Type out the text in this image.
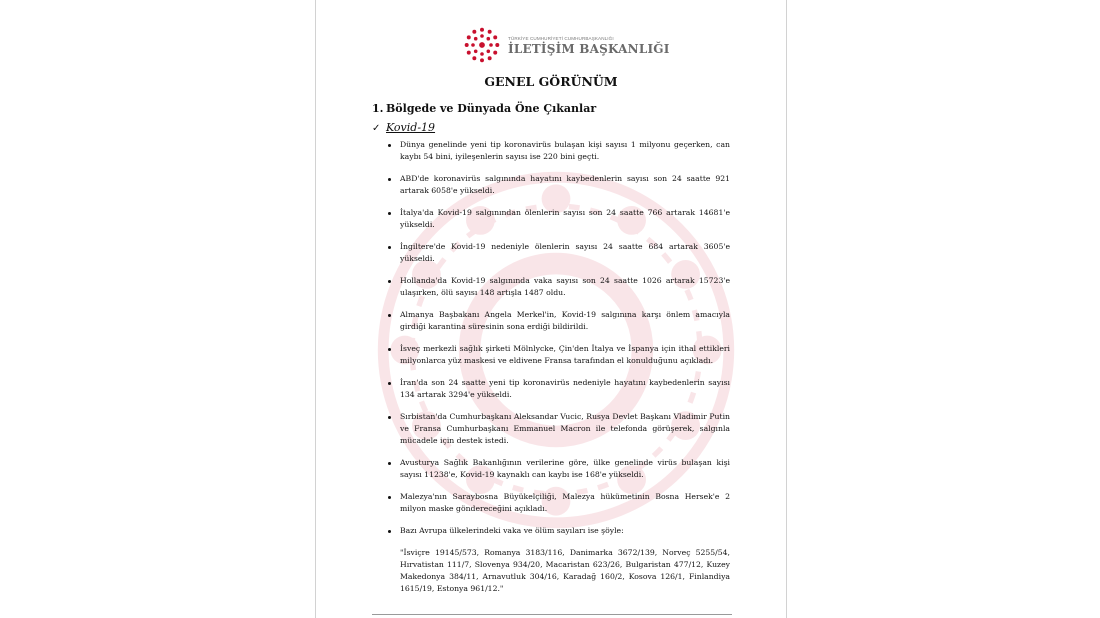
TÜRKİYE CUMHURİYETİ CUMHURBAŞKANLIĞI
İLETİŞİM BAŞKANLIĞI
GENEL GÖRÜNÜM
1. Bölgede ve Dünyada Öne Çıkanlar
✓ Kovid-19
Dünya genelinde yeni tip koronavirüs bulaşan kişi sayısı 1 milyonu geçerken, can kaybı 54 bini, iyileşenlerin sayısı ise 220 bini geçti.
ABD'de koronavirüs salgınında hayatını kaybedenlerin sayısı son 24 saatte 921 artarak 6058'e yükseldi.
İtalya'da Kovid-19 salgınından ölenlerin sayısı son 24 saatte 766 artarak 14681'e yükseldi.
İngiltere'de Kovid-19 nedeniyle ölenlerin sayısı 24 saatte 684 artarak 3605'e yükseldi.
Hollanda'da Kovid-19 salgınında vaka sayısı son 24 saatte 1026 artarak 15723'e ulaşırken, ölü sayısı 148 artışla 1487 oldu.
Almanya Başbakanı Angela Merkel'in, Kovid-19 salgınına karşı önlem amacıyla girdiği karantina süresinin sona erdiği bildirildi.
İsveç merkezli sağlık şirketi Mölnlycke, Çin'den İtalya ve İspanya için ithal ettikleri milyonlarca yüz maskesi ve eldivene Fransa tarafından el konulduğunu açıkladı.
İran'da son 24 saatte yeni tip koronavirüs nedeniyle hayatını kaybedenlerin sayısı 134 artarak 3294'e yükseldi.
Sırbistan'da Cumhurbaşkanı Aleksandar Vucic, Rusya Devlet Başkanı Vladimir Putin ve Fransa Cumhurbaşkanı Emmanuel Macron ile telefonda görüşerek, salgınla mücadele için destek istedi.
Avusturya Sağlık Bakanlığının verilerine göre, ülke genelinde virüs bulaşan kişi sayısı 11238'e, Kovid-19 kaynaklı can kaybı ise 168'e yükseldi.
Malezya'nın Saraybosna Büyükelçiliği, Malezya hükümetinin Bosna Hersek'e 2 milyon maske göndereceğini açıkladı.
Bazı Avrupa ülkelerindeki vaka ve ölüm sayıları ise şöyle:
"İsviçre 19145/573, Romanya 3183/116, Danimarka 3672/139, Norveç 5255/54, Hırvatistan 111/7, Slovenya 934/20, Macaristan 623/26, Bulgaristan 477/12, Kuzey Makedonya 384/11, Arnavutluk 304/16, Karadağ 160/2, Kosova 126/1, Finlandiya 1615/19, Estonya 961/12."
